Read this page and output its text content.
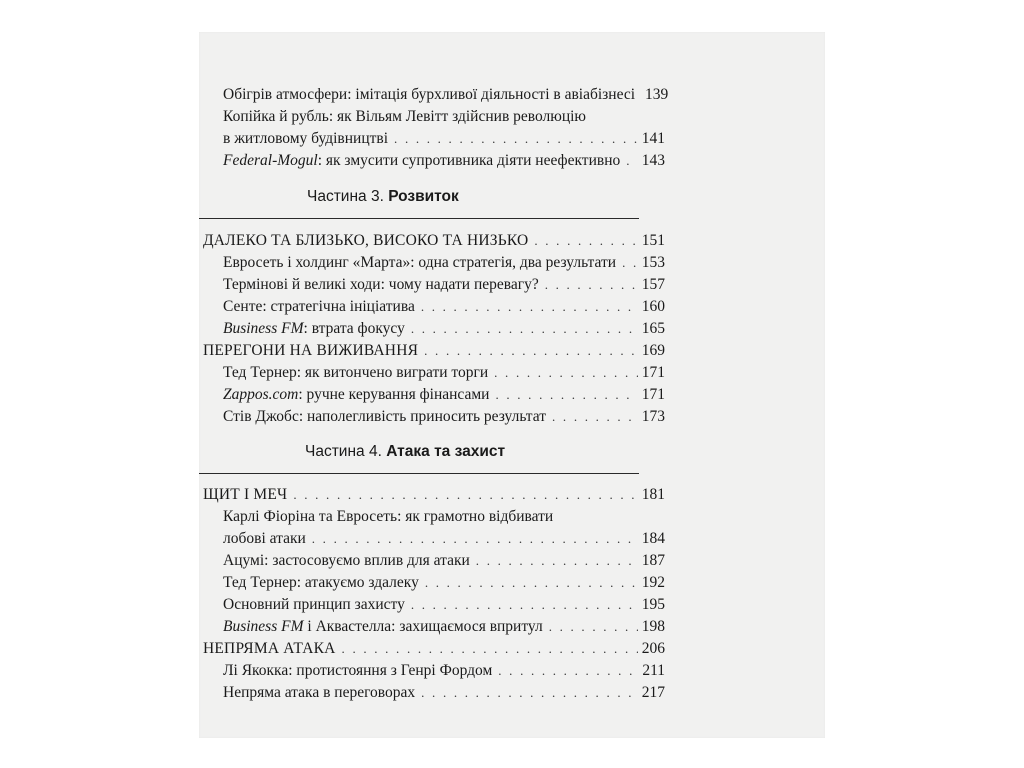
Обігрів атмосфери: імітація бурхливої діяльності в авіабізнесі 139
Копійка й рубль: як Вільям Левітт здійснив революцію
в житловому будівництві . . .	141
Federal-Mogul: як змусити супротивника діяти неефективно . . . 143
Частина 3. Розвиток
ДАЛЕКО ТА БЛИЗЬКО, ВИСОКО ТА НИЗЬКО . . .	151
Евросеть і холдинг «Марта»: одна стратегія, два результати . . . 153
Термінові й великі ходи: чому надати перевагу? . . .	157
Сенте: стратегічна ініціатива . . .	160
Business FM: втрата фокусу . . .	165
ПЕРЕГОНИ НА ВИЖИВАННЯ . . .	169
Тед Тернер: як витончено виграти торги . . .	171
Zappos.com: ручне керування фінансами . . .	171
Стів Джобс: наполегливість приносить результат . . .	173
Частина 4. Атака та захист
ЩИТ І МЕЧ . . .	181
Карлі Фіоріна та Евросеть: як грамотно відбивати
лобові атаки . . .	184
Ацумі: застосовуємо вплив для атаки . . .	187
Тед Тернер: атакуємо здалеку . . .	192
Основний принцип захисту . . .	195
Business FM і Аквастелла: захищаємося впритул . . .	198
НЕПРЯМА АТАКА . . .	206
Лі Якокка: протистояння з Генрі Фордом . . .	211
Непряма атака в переговорах . . .	217
